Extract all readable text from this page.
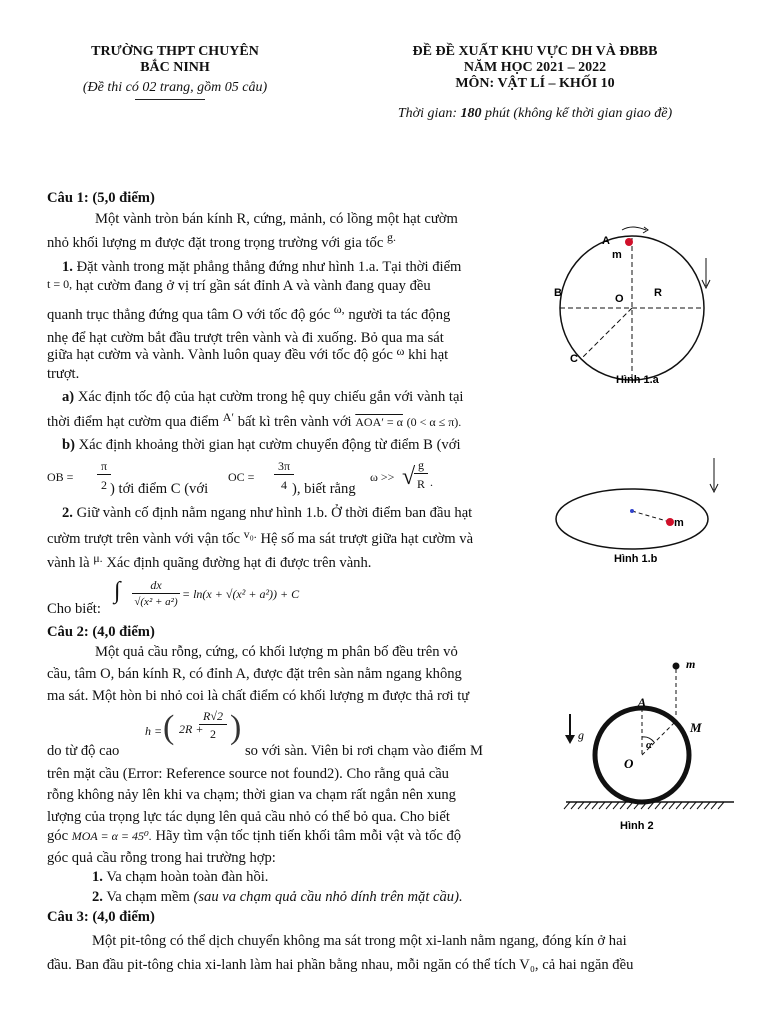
TRƯỜNG THPT CHUYÊN
BẮC NINH
(Đề thi có 02 trang, gồm 05 câu)
ĐỀ ĐỀ XUẤT KHU VỰC DH VÀ ĐBBB
NĂM HỌC 2021 – 2022
MÔN: VẬT LÍ – KHỐI 10
Thời gian: 180 phút (không kể thời gian giao đề)
Câu 1: (5,0 điểm)
Một vành tròn bán kính R, cứng, mảnh, có lồng một hạt cườm
nhỏ khối lượng m được đặt trong trọng trường với gia tốc $^{g.}$
1. Đặt vành trong mặt phẳng thẳng đứng như hình 1.a. Tại thời điểm
t = 0, hạt cườm đang ở vị trí gần sát đỉnh A và vành đang quay đều
quanh trục thẳng đứng qua tâm O với tốc độ góc $^{\omega,}$ người ta tác động
nhẹ để hạt cườm bắt đầu trượt trên vành và đi xuống. Bỏ qua ma sát
giữa hạt cườm và vành. Vành luôn quay đều với tốc độ góc $^\omega$ khi hạt
trượt.
a) Xác định tốc độ của hạt cườm trong hệ quy chiếu gắn với vành tại
thời điểm hạt cườm qua điểm $^{A'}$ bất kì trên vành với AOA′ = α (0 < α ≤ π).
b) Xác định khoảng thời gian hạt cườm chuyển động từ điểm B (với
OB =
π
2 ) tới điểm C (với
OC =
3π
4 ), biết rằng
ω >> √ g
R .
2. Giữ vành cố định nằm ngang như hình 1.b. Ở thời điểm ban đầu hạt
cườm trượt trên vành với vận tốc $^{v_0.}$ Hệ số ma sát trượt giữa hạt cườm và
vành là $^{\mu.}$ Xác định quãng đường hạt đi được trên vành.
Cho biết:
∫	dx
√(x² + a²)
= ln(x + √(x² + a²)) + C
Câu 2: (4,0 điểm)
Một quả cầu rỗng, cứng, có khối lượng m phân bố đều trên vỏ
cầu, tâm O, bán kính R, có đỉnh A, được đặt trên sàn nằm ngang không
ma sát. Một hòn bi nhỏ coi là chất điểm có khối lượng m được thả rơi tự
h = ( 2R +
R√2
2 )
do từ độ cao	so với sàn. Viên bi rơi chạm vào điểm M
trên mặt cầu (Error: Reference source not found2). Cho rằng quả cầu
rỗng không nảy lên khi va chạm; thời gian va chạm rất ngắn nên xung
lượng của trọng lực tác dụng lên quả cầu nhỏ có thể bỏ qua. Cho biết
góc MOA = α = 45⁰. Hãy tìm vận tốc tịnh tiến khối tâm mỗi vật và tốc độ
góc quả cầu rỗng trong hai trường hợp:
1. Va chạm hoàn toàn đàn hồi.
2. Va chạm mềm (sau va chạm quả cầu nhỏ dính trên mặt cầu).
Câu 3: (4,0 điểm)
Một pit-tông có thể dịch chuyển không ma sát trong một xi-lanh nằm ngang, đóng kín ở hai
đầu. Ban đầu pit-tông chia xi-lanh làm hai phần bằng nhau, mỗi ngăn có thể tích V₀, cả hai ngăn đều
A
m
B	O	R
C
Hình 1.a
m
Hình 1.b
m
A
M
g
α
O
Hình 2
